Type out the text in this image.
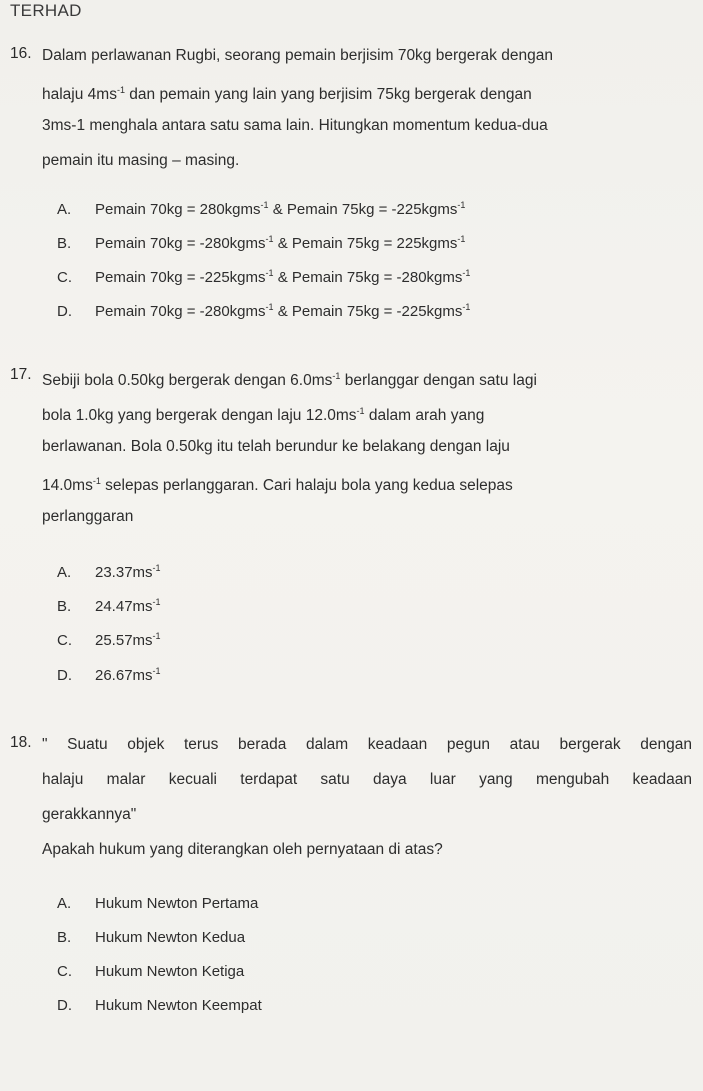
TERHAD
16. Dalam perlawanan Rugbi, seorang pemain berjisim 70kg bergerak dengan
halaju $4ms^{-1}$ dan pemain yang lain yang berjisim 75kg bergerak dengan
3ms-1 menghala antara satu sama lain. Hitungkan momentum kedua-dua
pemain itu masing – masing.
A. Pemain 70kg = 280kgms$^{-1}$ & Pemain 75kg = -225kgms$^{-1}$
B. Pemain 70kg = -280kgms$^{-1}$ & Pemain 75kg = 225kgms$^{-1}$
C. Pemain 70kg = -225kgms$^{-1}$ & Pemain 75kg = -280kgms$^{-1}$
D. Pemain 70kg = -280kgms$^{-1}$ & Pemain 75kg = -225kgms$^{-1}$
17. Sebiji bola 0.50kg bergerak dengan $6.0ms^{-1}$ berlanggar dengan satu lagi
bola 1.0kg yang bergerak dengan laju $12.0ms^{-1}$ dalam arah yang
berlawanan. Bola 0.50kg itu telah berundur ke belakang dengan laju
$14.0ms^{-1}$ selepas perlanggaran. Cari halaju bola yang kedua selepas
perlanggaran
A. $23.37ms^{-1}$
B. $24.47ms^{-1}$
C. $25.57ms^{-1}$
D. $26.67ms^{-1}$
18. " Suatu objek terus berada dalam keadaan pegun atau bergerak dengan
halaju malar kecuali terdapat satu daya luar yang mengubah keadaan
gerakkannya"
Apakah hukum yang diterangkan oleh pernyataan di atas?
A. Hukum Newton Pertama
B. Hukum Newton Kedua
C. Hukum Newton Ketiga
D. Hukum Newton Keempat
